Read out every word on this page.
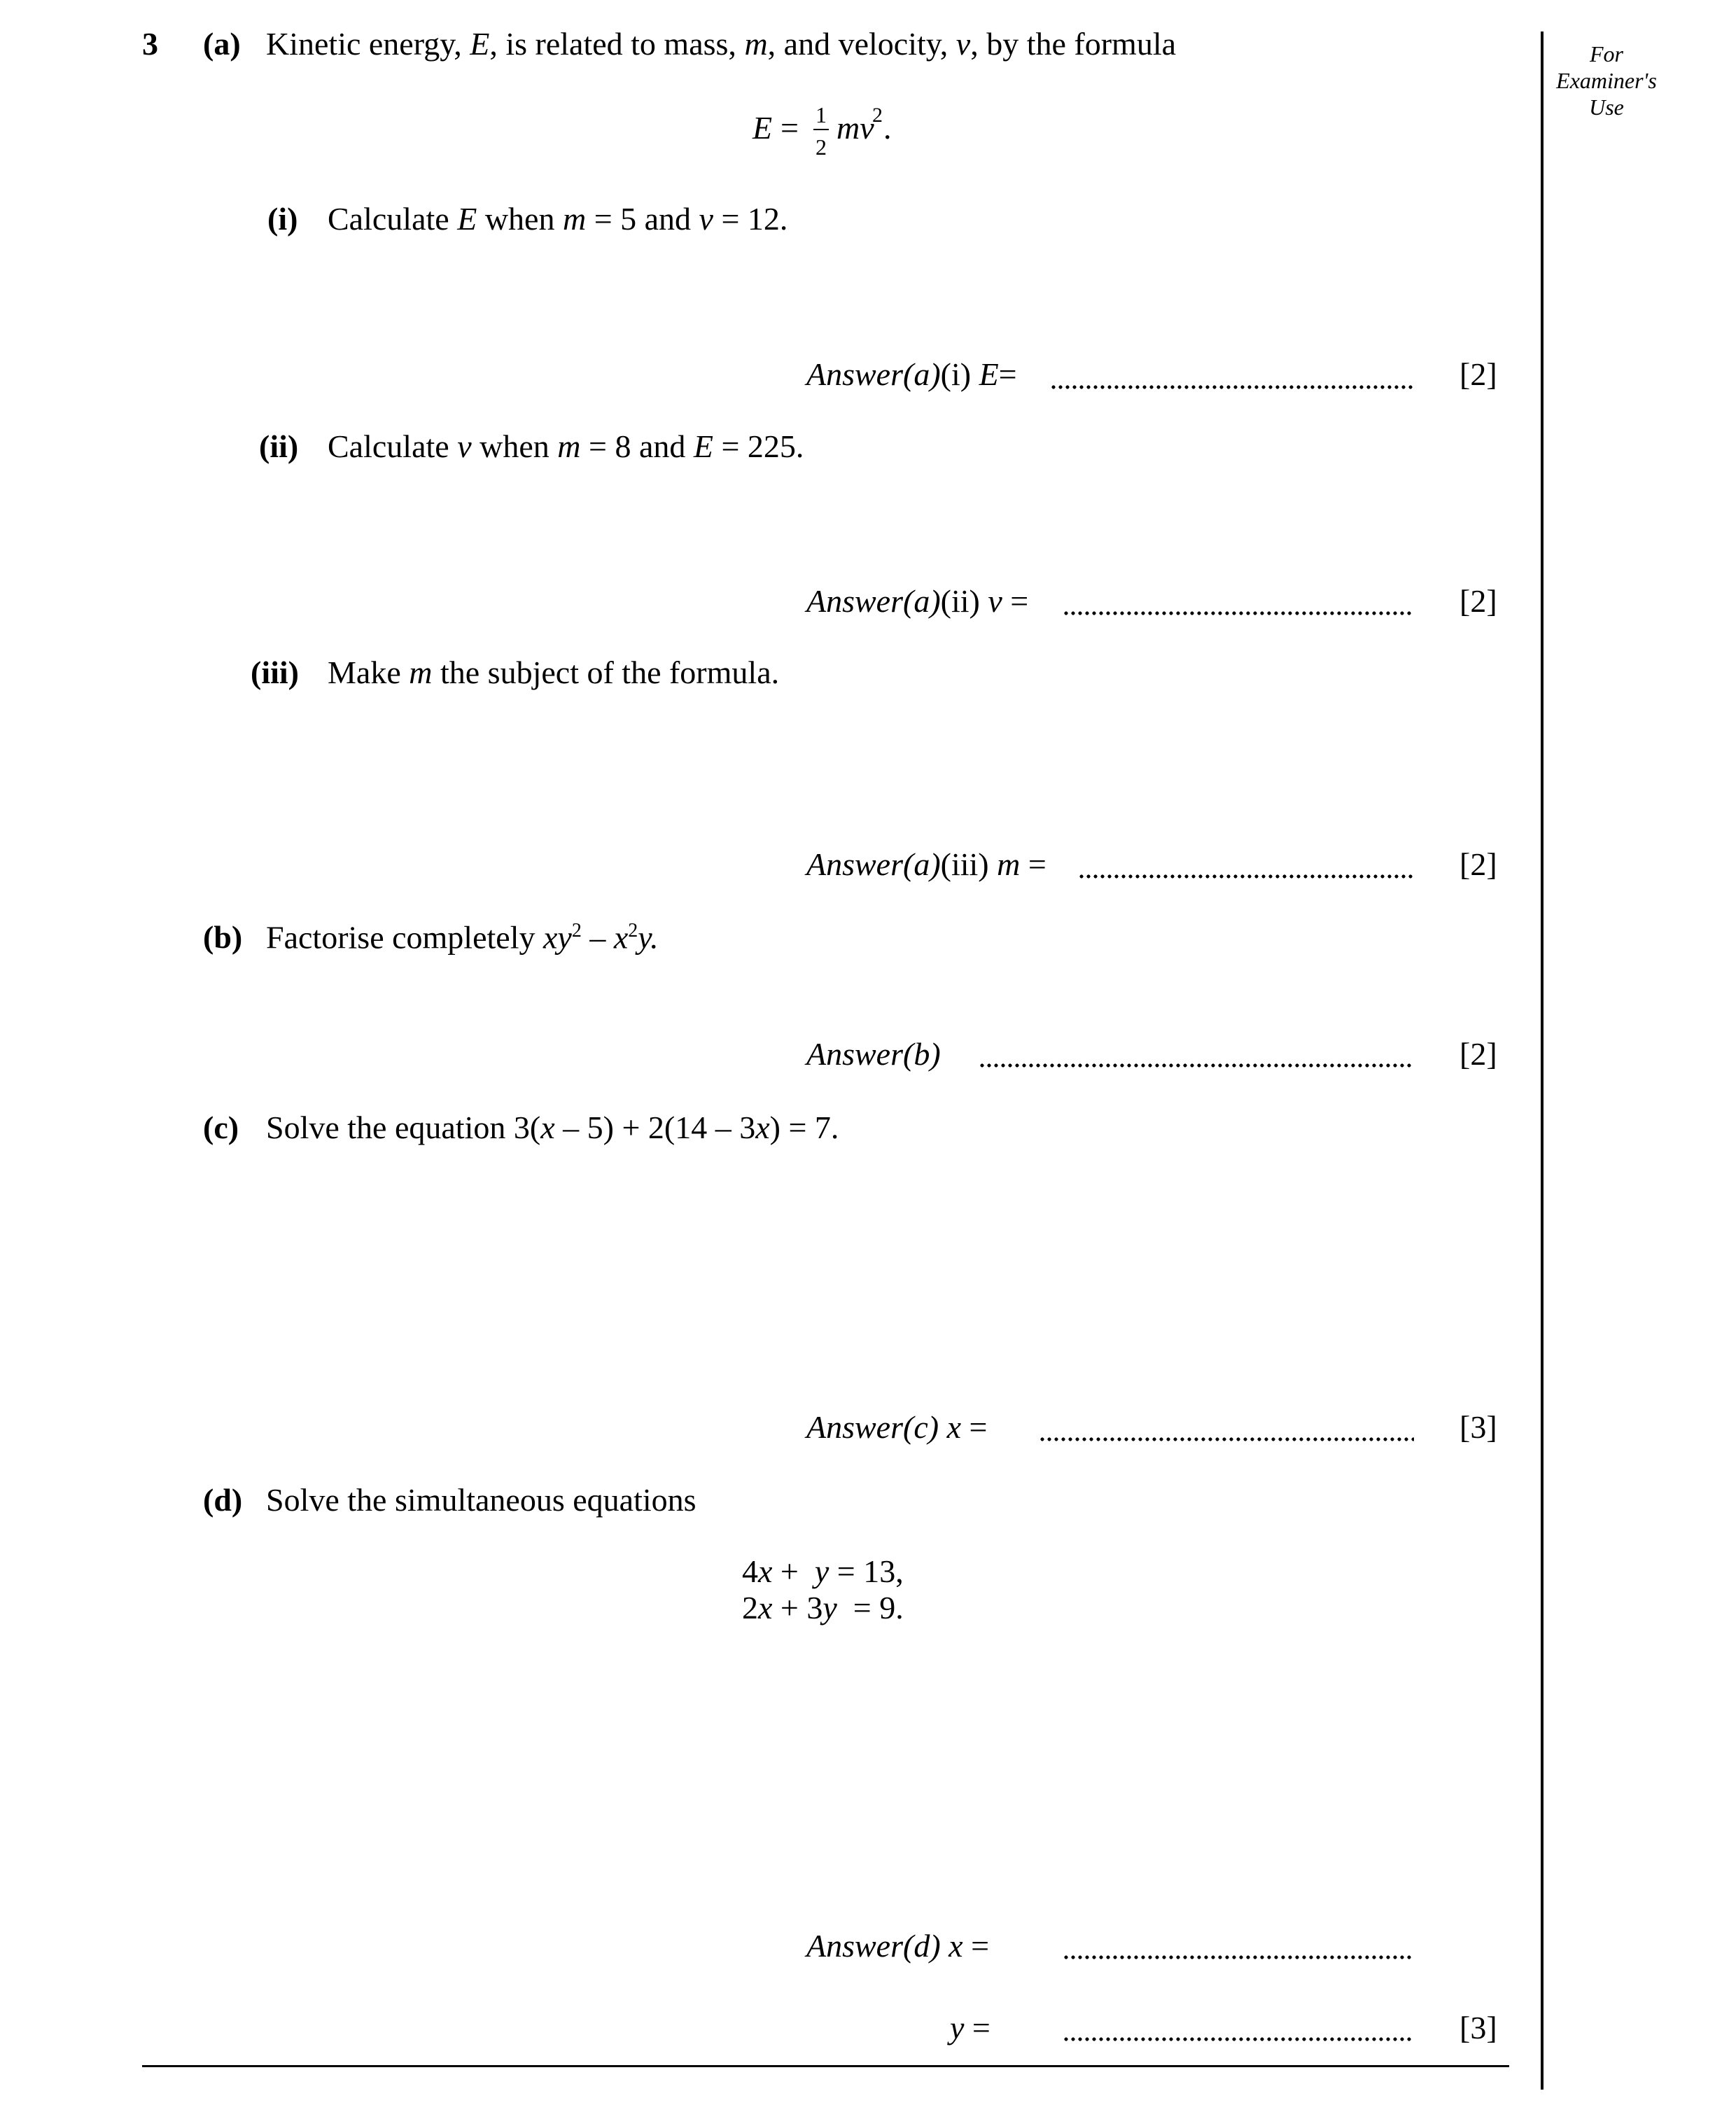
For
Examiner's
Use
3 (a) Kinetic energy, E, is related to mass, m, and velocity, v, by the formula
E = 1
2
mv
2 .
(i) Calculate E when m = 5 and v = 12.
Answer(a)(i) E=	[2]
(ii) Calculate v when m = 8 and E = 225.
Answer(a)(ii) v =	[2]
(iii) Make m the subject of the formula.
Answer(a)(iii) m =	[2]
(b) Factorise completely $xy^2 - x^2y$.
Answer(b)	[2]
(c) Solve the equation 3(x – 5) + 2(14 – 3x) = 7.
Answer(c) x =	[3]
(d) Solve the simultaneous equations
4x +  y = 13,
2x + 3y  = 9.
Answer(d) x =
y =	[3]
